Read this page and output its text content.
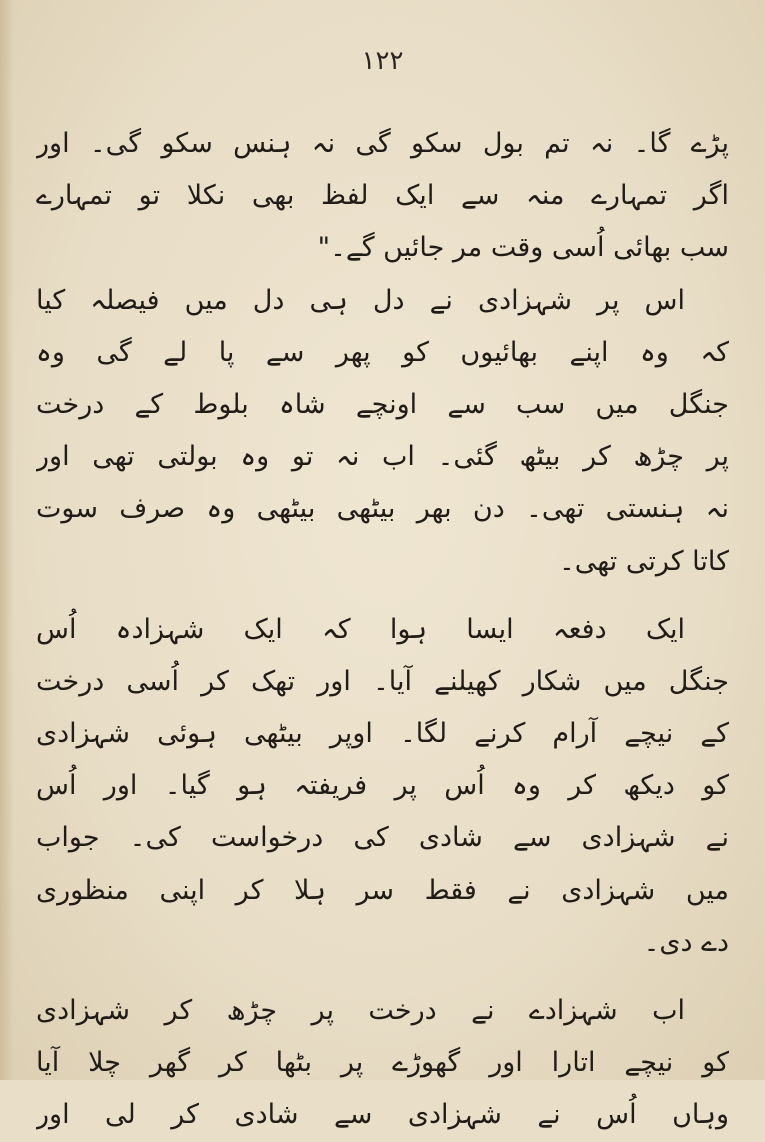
۱۲۲
پڑے گا۔ نہ تم بول سکو گی نہ ہنس سکو گی۔ اور
اگر تمہارے منہ سے ایک لفظ بھی نکلا تو تمہارے
سب بھائی اُسی وقت مر جائیں گے۔"
اس پر شہزادی نے دل ہی دل میں فیصلہ کیا
کہ وہ اپنے بھائیوں کو پھر سے پا لے گی وہ
جنگل میں سب سے اونچے شاہ بلوط کے درخت
پر چڑھ کر بیٹھ گئی۔ اب نہ تو وہ بولتی تھی اور
نہ ہنستی تھی۔ دن بھر بیٹھی بیٹھی وہ صرف سوت
کاتا کرتی تھی۔
ایک دفعہ ایسا ہوا کہ ایک شہزادہ اُس
جنگل میں شکار کھیلنے آیا۔ اور تھک کر اُسی درخت
کے نیچے آرام کرنے لگا۔ اوپر بیٹھی ہوئی شہزادی
کو دیکھ کر وہ اُس پر فریفتہ ہو گیا۔ اور اُس
نے شہزادی سے شادی کی درخواست کی۔ جواب
میں شہزادی نے فقط سر ہلا کر اپنی منظوری
دے دی۔
اب شہزادے نے درخت پر چڑھ کر شہزادی
کو نیچے اتارا اور گھوڑے پر بٹھا کر گھر چلا آیا
وہاں اُس نے شہزادی سے شادی کر لی اور
